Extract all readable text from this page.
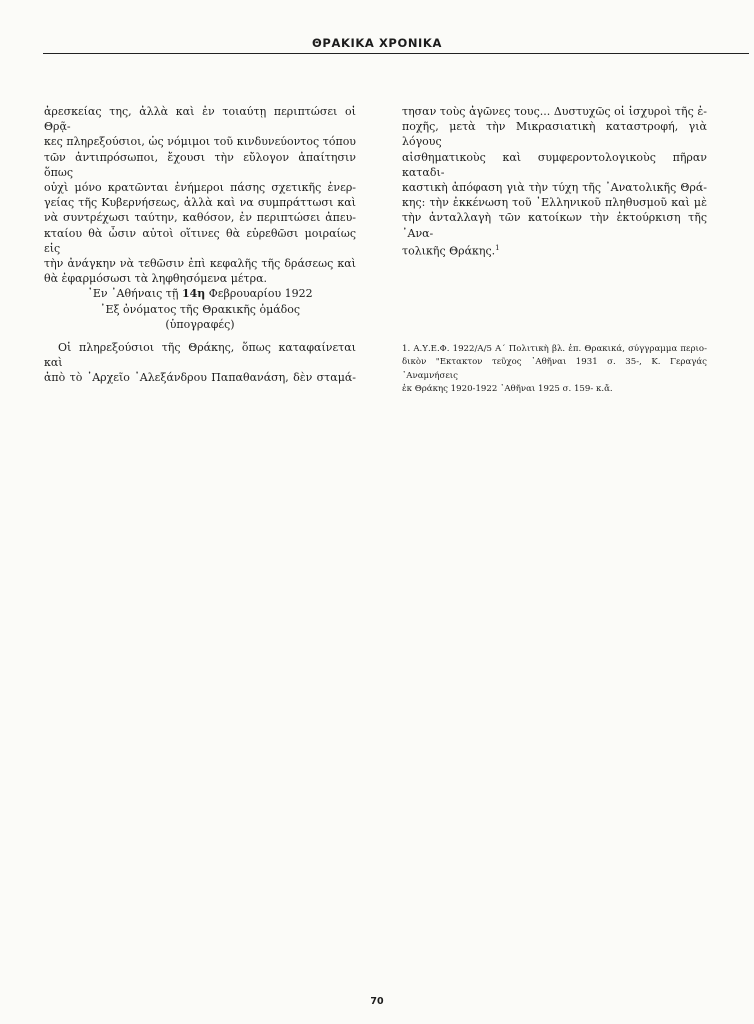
ΘΡΑΚΙΚΑ ΧΡΟΝΙΚΑ
ἀρεσκείας της, ἀλλὰ καὶ ἐν τοιαύτῃ περιπτώσει οἱ Θρᾷ-
κες πληρεξούσιοι, ὡς νόμιμοι τοῦ κινδυνεύοντος τόπου
τῶν ἀντιπρόσωποι, ἔχουσι τὴν εὔλογον ἀπαίτησιν ὅπως
οὐχὶ μόνο κρατῶνται ἐνήμεροι πάσης σχετικῆς ἐνερ-
γείας τῆς Κυβερνήσεως, ἀλλὰ καὶ να συμπράττωσι καὶ
νὰ συντρέχωσι ταύτην, καθόσον, ἐν περιπτώσει ἀπευ-
κταίου θὰ ὦσιν αὐτοὶ οἵτινες θὰ εὑρεθῶσι μοιραίως εἰς
τὴν ἀνάγκην νὰ τεθῶσιν ἐπὶ κεφαλῆς τῆς δράσεως καὶ
θὰ ἐφαρμόσωσι τὰ ληφθησόμενα μέτρα.
᾿Εν ᾿Αθήναις τῇ 14η Φεβρουαρίου 1922
᾿Εξ ὀνόματος τῆς Θρακικῆς ὁμάδος
(ὑπογραφές)
Οἱ πληρεξούσιοι τῆς Θράκης, ὅπως καταφαίνεται καὶ
ἀπὸ τὸ ᾿Αρχεῖο ᾿Αλεξάνδρου Παπαθανάση, δὲν σταμά-
τησαν τοὺς ἀγῶνες τους... Δυστυχῶς οἱ ἰσχυροὶ τῆς ἐ-
ποχῆς, μετὰ τὴν Μικρασιατικὴ καταστροφή, γιὰ λόγους
αἰσθηματικοὺς καὶ συμφεροντολογικοὺς πῆραν καταδι-
καστικὴ ἀπόφαση γιὰ τὴν τύχη τῆς ᾿Ανατολικῆς Θρά-
κης: τὴν ἐκκένωση τοῦ ᾿Ελληνικοῦ πληθυσμοῦ καὶ μὲ
τὴν ἀνταλλαγὴ τῶν κατοίκων τὴν ἐκτούρκιση τῆς ᾿Ανα-
τολικῆς Θράκης.$^1$
1. Α.Υ.Ε.Φ. 1922/Α/5 Α΄ Πολιτικὴ βλ. ἐπ. Θρακικά, σύγγραμμα περιο-
δικὸν "Εκτακτον τεῦχος ᾿Αθῆναι 1931 σ. 35-, Κ. Γεραγάς ᾿Αναμνήσεις
ἐκ Θράκης 1920-1922 ᾿Αθῆναι 1925 σ. 159- κ.ἄ.
70
